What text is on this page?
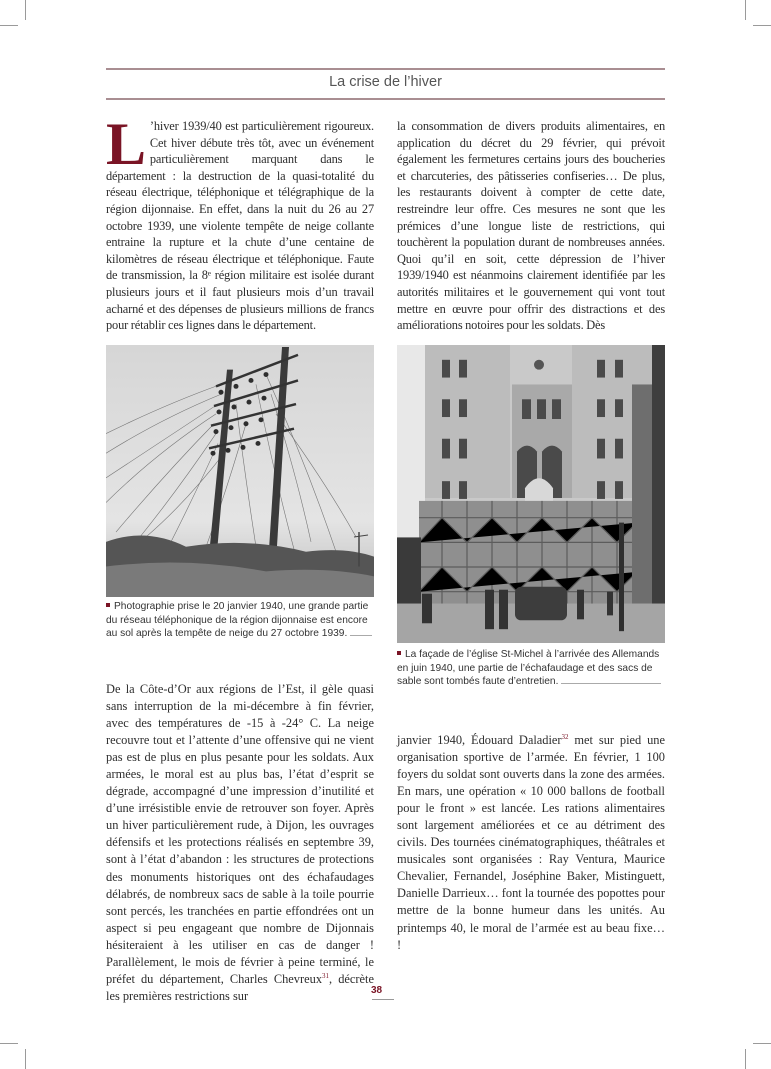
La crise de l’hiver
L ’hiver 1939/40 est particulièrement rigoureux. Cet hiver débute très tôt, avec un événement particulièrement marquant dans le département : la destruction de la quasi-totalité du réseau électrique, téléphonique et télégraphique de la région dijonnaise. En effet, dans la nuit du 26 au 27 octobre 1939, une violente tempête de neige collante entraine la rupture et la chute d’une centaine de kilomètres de réseau électrique et téléphonique. Faute de transmission, la 8ᵉ région militaire est isolée durant plusieurs jours et il faut plusieurs mois d’un travail acharné et des dépenses de plusieurs millions de francs pour rétablir ces lignes dans le département.
la consommation de divers produits alimentaires, en application du décret du 29 février, qui prévoit également les fermetures certains jours des boucheries et charcuteries, des pâtisseries confiseries… De plus, les restaurants doivent à compter de cette date, restreindre leur offre. Ces mesures ne sont que les prémices d’une longue liste de restrictions, qui touchèrent la population durant de nombreuses années. Quoi qu’il en soit, cette dépression de l’hiver 1939/1940 est néanmoins clairement identifiée par les autorités militaires et le gouvernement qui vont tout mettre en œuvre pour offrir des distractions et des améliorations notoires pour les soldats. Dès
Photographie prise le 20 janvier 1940, une grande partie du réseau téléphonique de la région dijonnaise est encore au sol après la tempête de neige du 27 octobre 1939.
La façade de l’église St-Michel à l’arrivée des Allemands en juin 1940, une partie de l’échafaudage et des sacs de sable sont tombés faute d’entretien.
De la Côte-d’Or aux régions de l’Est, il gèle quasi sans interruption de la mi-décembre à fin février, avec des températures de -15 à -24° C. La neige recouvre tout et l’attente d’une offensive qui ne vient pas est de plus en plus pesante pour les soldats. Aux armées, le moral est au plus bas, l’état d’esprit se dégrade, accompagné d’une impression d’inutilité et d’une irrésistible envie de retrouver son foyer. Après un hiver particulièrement rude, à Dijon, les ouvrages défensifs et les protections réalisés en septembre 39, sont à l’état d’abandon : les structures de protections des monuments historiques ont des échafaudages délabrés, de nombreux sacs de sable à la toile pourrie sont percés, les tranchées en partie effondrées ont un aspect si peu engageant que nombre de Dijonnais hésiteraient à les utiliser en cas de danger ! Parallèlement, le mois de février à peine terminé, le préfet du département, Charles Chevreux$^{31}$, décrète les premières restrictions sur
janvier 1940, Édouard Daladier$^{32}$ met sur pied une organisation sportive de l’armée. En février, 1 100 foyers du soldat sont ouverts dans la zone des armées. En mars, une opération « 10 000 ballons de football pour le front » est lancée. Les rations alimentaires sont largement améliorées et ce au détriment des civils. Des tournées cinématographiques, théâtrales et musicales sont organisées : Ray Ventura, Maurice Chevalier, Fernandel, Joséphine Baker, Mistinguett, Danielle Darrieux… font la tournée des popottes pour mettre de la bonne humeur dans les unités. Au printemps 40, le moral de l’armée est au beau fixe… !
38
